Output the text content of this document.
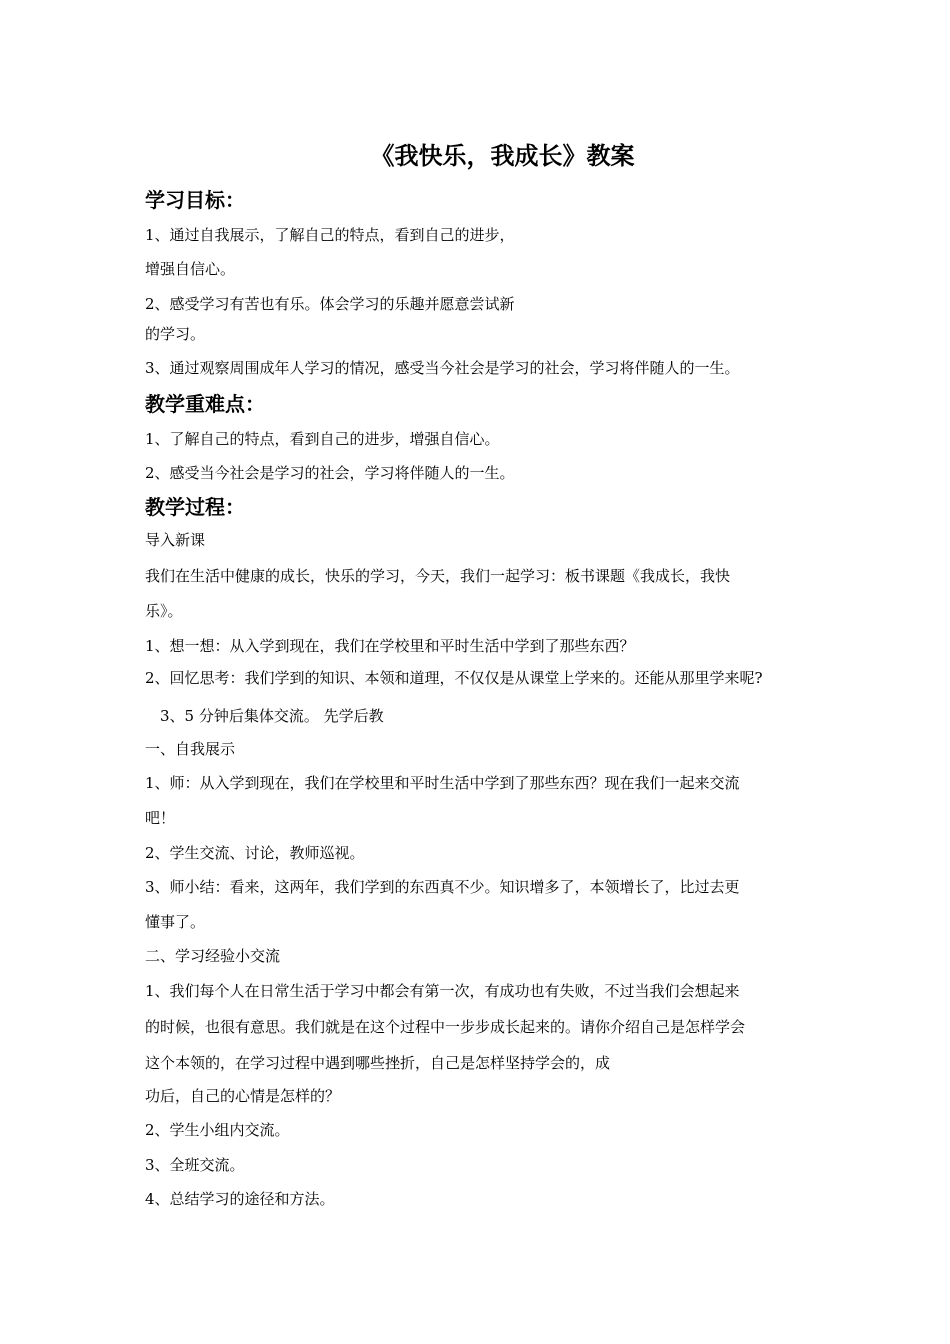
《我快乐，我成长》教案
学习目标：
1、通过自我展示，了解自己的特点，看到自己的进步，
增强自信心。
2、感受学习有苦也有乐。体会学习的乐趣并愿意尝试新
的学习。
3、通过观察周围成年人学习的情况，感受当今社会是学习的社会，学习将伴随人的一生。
教学重难点：
1、了解自己的特点，看到自己的进步，增强自信心。
2、感受当今社会是学习的社会，学习将伴随人的一生。
教学过程：
导入新课
我们在生活中健康的成长，快乐的学习，今天，我们一起学习：板书课题《我成长，我快
乐》。
1、想一想：从入学到现在，我们在学校里和平时生活中学到了那些东西？
2、回忆思考：我们学到的知识、本领和道理，不仅仅是从课堂上学来的。还能从那里学来呢?
3、5 分钟后集体交流。 先学后教
一、自我展示
1、师：从入学到现在，我们在学校里和平时生活中学到了那些东西？现在我们一起来交流
吧！
2、学生交流、讨论，教师巡视。
3、师小结：看来，这两年，我们学到的东西真不少。知识增多了，本领增长了，比过去更
懂事了。
二、学习经验小交流
1、我们每个人在日常生活于学习中都会有第一次，有成功也有失败，不过当我们会想起来
的时候，也很有意思。我们就是在这个过程中一步步成长起来的。请你介绍自己是怎样学会
这个本领的，在学习过程中遇到哪些挫折，自己是怎样坚持学会的，成
功后，自己的心情是怎样的？
2、学生小组内交流。
3、全班交流。
4、总结学习的途径和方法。
